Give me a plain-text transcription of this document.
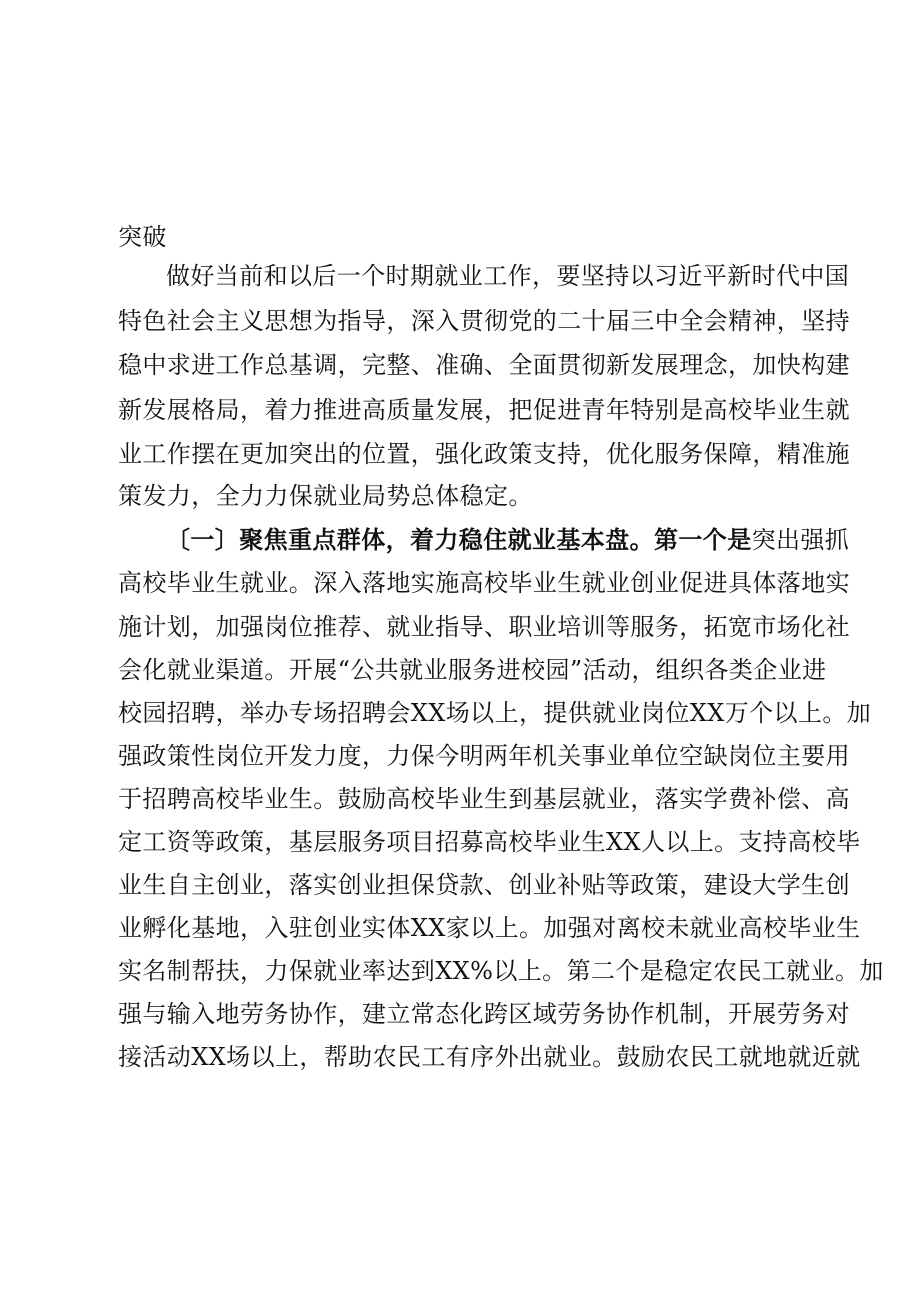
突破
做好当前和以后一个时期就业工作，要坚持以习近平新时代中国
特色社会主义思想为指导，深入贯彻党的二十届三中全会精神，坚持
稳中求进工作总基调，完整、准确、全面贯彻新发展理念，加快构建
新发展格局，着力推进高质量发展，把促进青年特别是高校毕业生就
业工作摆在更加突出的位置，强化政策支持，优化服务保障，精准施
策发力，全力力保就业局势总体稳定。
〔一〕聚焦重点群体，着力稳住就业基本盘。第一个是突出强抓
高校毕业生就业。深入落地实施高校毕业生就业创业促进具体落地实
施计划，加强岗位推荐、就业指导、职业培训等服务，拓宽市场化社
会化就业渠道。开展“公共就业服务进校园”活动，组织各类企业进
校园招聘，举办专场招聘会XX场以上，提供就业岗位XX万个以上。加
强政策性岗位开发力度，力保今明两年机关事业单位空缺岗位主要用
于招聘高校毕业生。鼓励高校毕业生到基层就业，落实学费补偿、高
定工资等政策，基层服务项目招募高校毕业生XX人以上。支持高校毕
业生自主创业，落实创业担保贷款、创业补贴等政策，建设大学生创
业孵化基地，入驻创业实体XX家以上。加强对离校未就业高校毕业生
实名制帮扶，力保就业率达到XX%以上。第二个是稳定农民工就业。加
强与输入地劳务协作，建立常态化跨区域劳务协作机制，开展劳务对
接活动XX场以上，帮助农民工有序外出就业。鼓励农民工就地就近就
